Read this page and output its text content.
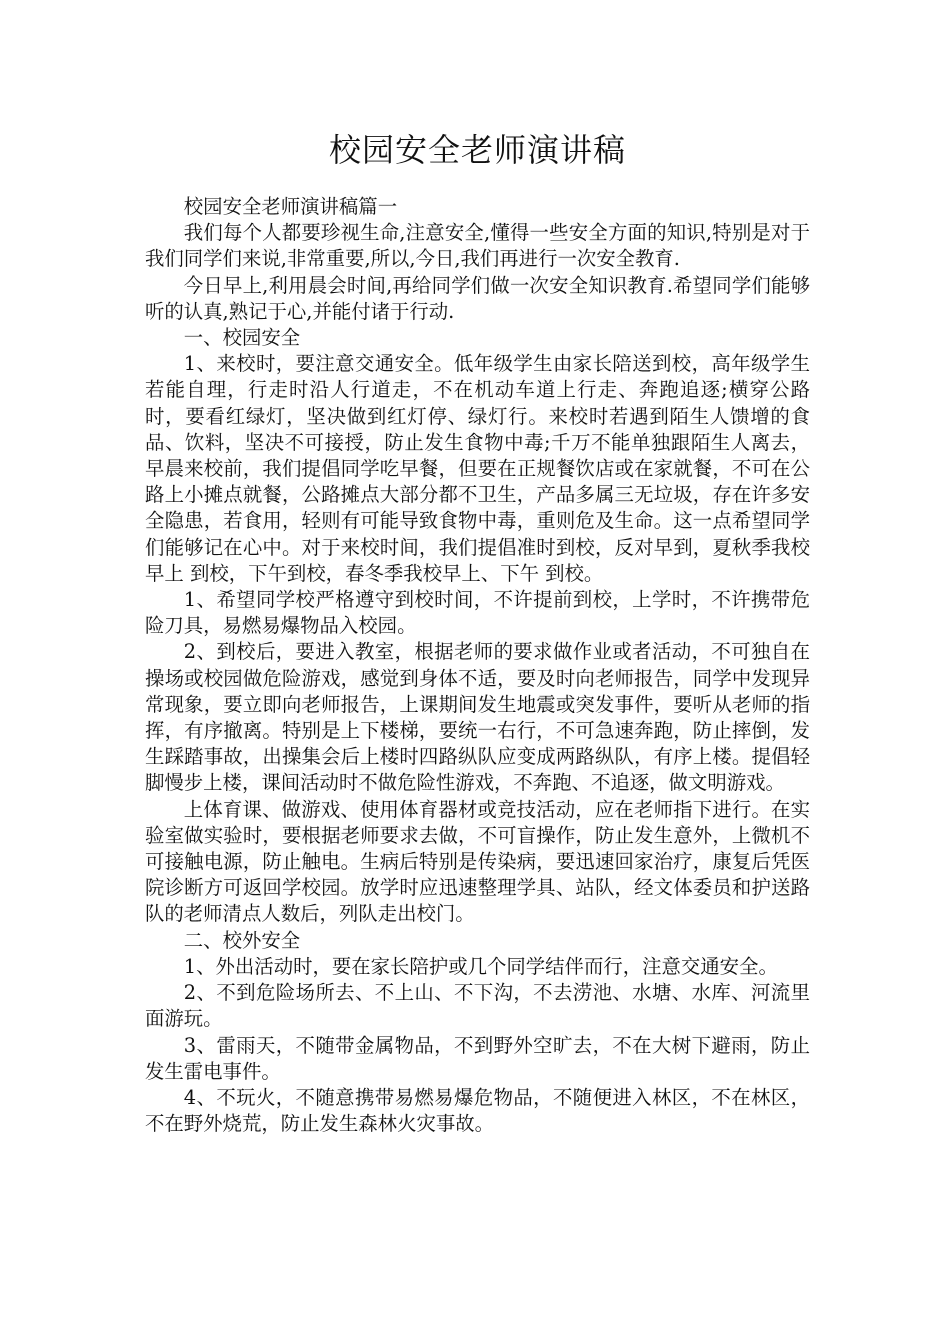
校园安全老师演讲稿

校园安全老师演讲稿篇一

我们每个人都要珍视生命,注意安全,懂得一些安全方面的知识,特别是对于我们同学们来说,非常重要,所以,今日,我们再进行一次安全教育.

今日早上,利用晨会时间,再给同学们做一次安全知识教育.希望同学们能够听的认真,熟记于心,并能付诸于行动.

一、校园安全

1、来校时，要注意交通安全。低年级学生由家长陪送到校，高年级学生若能自理，行走时沿人行道走，不在机动车道上行走、奔跑追逐;横穿公路时，要看红绿灯，坚决做到红灯停、绿灯行。来校时若遇到陌生人馈增的食品、饮料，坚决不可接授，防止发生食物中毒;千万不能单独跟陌生人离去，早晨来校前，我们提倡同学吃早餐，但要在正规餐饮店或在家就餐，不可在公路上小摊点就餐，公路摊点大部分都不卫生，产品多属三无垃圾，存在许多安全隐患，若食用，轻则有可能导致食物中毒，重则危及生命。这一点希望同学们能够记在心中。对于来校时间，我们提倡准时到校，反对早到，夏秋季我校早上 到校，下午到校，春冬季我校早上、下午 到校。

1、希望同学校严格遵守到校时间，不许提前到校，上学时，不许携带危险刀具，易燃易爆物品入校园。

2、到校后，要进入教室，根据老师的要求做作业或者活动，不可独自在操场或校园做危险游戏，感觉到身体不适，要及时向老师报告，同学中发现异常现象，要立即向老师报告，上课期间发生地震或突发事件，要听从老师的指挥，有序撤离。特别是上下楼梯，要统一右行，不可急速奔跑，防止摔倒，发生踩踏事故，出操集会后上楼时四路纵队应变成两路纵队，有序上楼。提倡轻脚慢步上楼，课间活动时不做危险性游戏，不奔跑、不追逐，做文明游戏。

上体育课、做游戏、使用体育器材或竞技活动，应在老师指下进行。在实验室做实验时，要根据老师要求去做，不可盲操作，防止发生意外，上微机不可接触电源，防止触电。生病后特别是传染病，要迅速回家治疗，康复后凭医院诊断方可返回学校园。放学时应迅速整理学具、站队，经文体委员和护送路队的老师清点人数后，列队走出校门。

二、校外安全

1、外出活动时，要在家长陪护或几个同学结伴而行，注意交通安全。

2、不到危险场所去、不上山、不下沟，不去涝池、水塘、水库、河流里面游玩。

3、雷雨天，不随带金属物品，不到野外空旷去，不在大树下避雨，防止发生雷电事件。

4、不玩火，不随意携带易燃易爆危物品，不随便进入林区，不在林区，不在野外烧荒，防止发生森林火灾事故。
